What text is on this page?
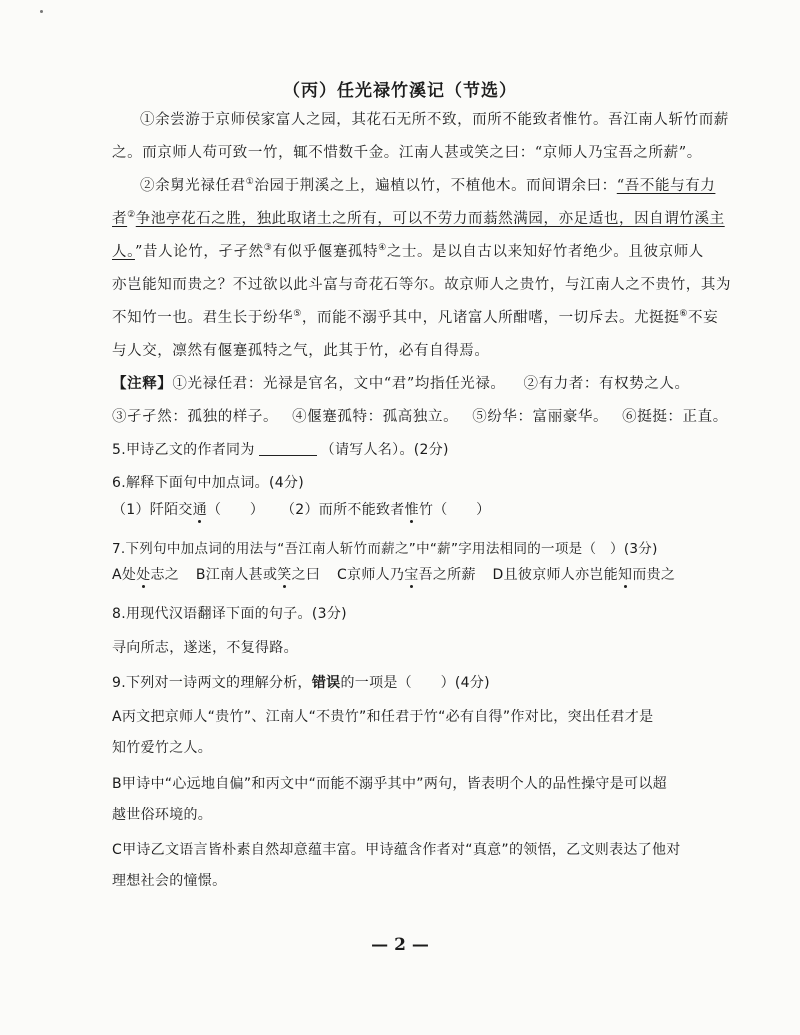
（丙）任光禄竹溪记（节选）
①余尝游于京师侯家富人之园，其花石无所不致，而所不能致者惟竹。吾江南人斩竹而薪
之。而京师人苟可致一竹，辄不惜数千金。江南人甚或笑之曰：“京师人乃宝吾之所薪”。
②余舅光禄任君①治园于荆溪之上，遍植以竹，不植他木。而间谓余曰：“吾不能与有力
者②争池亭花石之胜，独此取诸土之所有，可以不劳力而蓊然满园，亦足适也，因自谓竹溪主
人。”昔人论竹，孑孑然③有似乎偃蹇孤特④之士。是以自古以来知好竹者绝少。且彼京师人
亦岂能知而贵之？不过欲以此斗富与奇花石等尔。故京师人之贵竹，与江南人之不贵竹，其为
不知竹一也。君生长于纷华⑤，而能不溺乎其中，凡诸富人所酣嗜，一切斥去。尤挺挺⑥不妄
与人交，凛然有偃蹇孤特之气，此其于竹，必有自得焉。
【注释】①光禄任君：光禄是官名，文中“君”均指任光禄。 ②有力者：有权势之人。
③孑孑然：孤独的样子。 ④偃蹇孤特：孤高独立。 ⑤纷华：富丽豪华。 ⑥挺挺：正直。
5.甲诗乙文的作者同为	（请写人名）。(2分)
6.解释下面句中加点词。(4分)
（1）阡陌交通（　　） （2）而所不能致者惟竹（　　）
7.下列句中加点词的用法与“吾江南人斩竹而薪之”中“薪”字用法相同的一项是（　）(3分)
A处处志之 B江南人甚或笑之曰 C京师人乃宝吾之所薪 D且彼京师人亦岂能知而贵之
8.用现代汉语翻译下面的句子。(3分)
寻向所志，遂迷，不复得路。
9.下列对一诗两文的理解分析，错误的一项是（　　）(4分)
A丙文把京师人“贵竹”、江南人“不贵竹”和任君于竹“必有自得”作对比，突出任君才是
知竹爱竹之人。
B甲诗中“心远地自偏”和丙文中“而能不溺乎其中”两句，皆表明个人的品性操守是可以超
越世俗环境的。
C甲诗乙文语言皆朴素自然却意蕴丰富。甲诗蕴含作者对“真意”的领悟，乙文则表达了他对
理想社会的憧憬。
— 2 —
